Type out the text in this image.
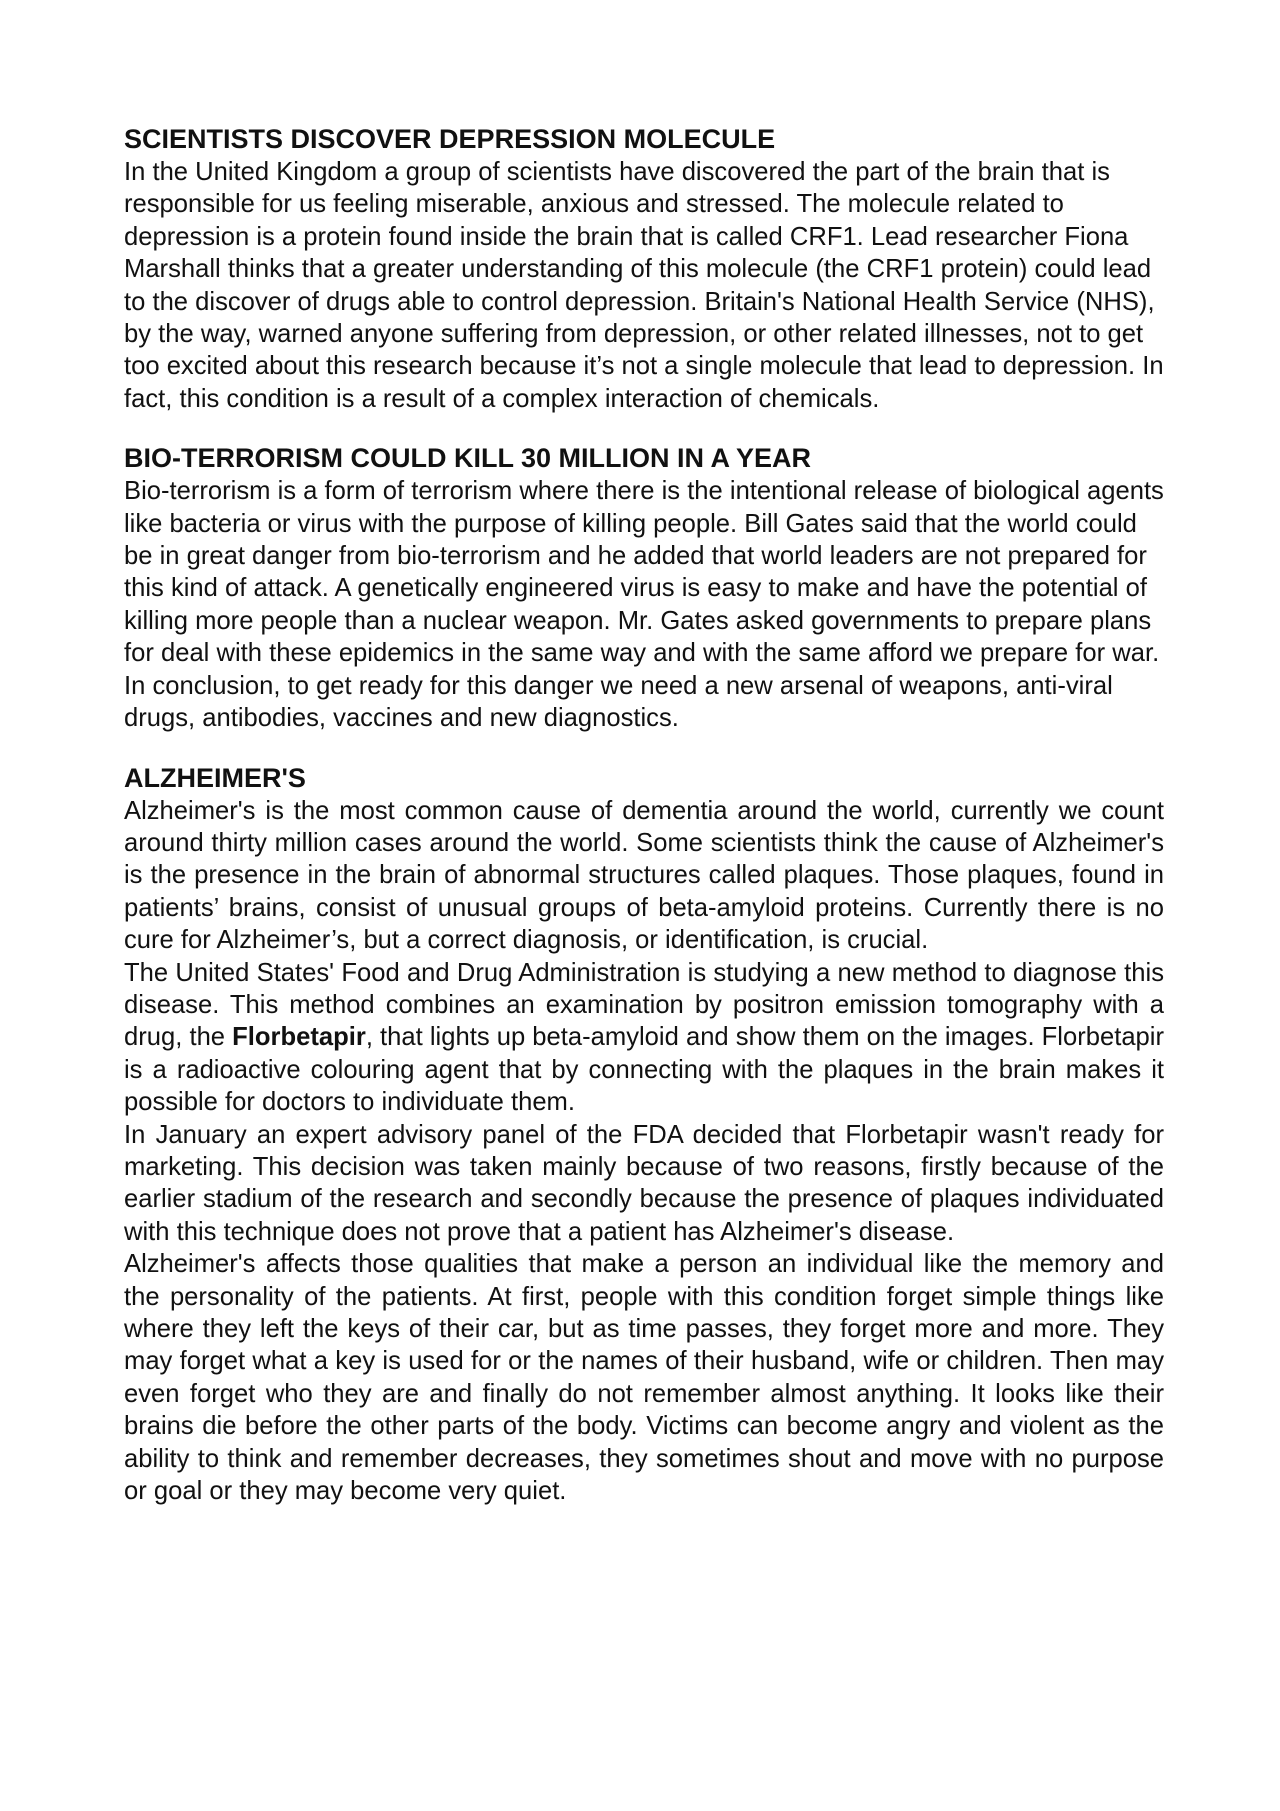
SCIENTISTS DISCOVER DEPRESSION MOLECULE

In the United Kingdom a group of scientists have discovered the part of the brain that is responsible for us feeling miserable, anxious and stressed. The molecule related to depression is a protein found inside the brain that is called CRF1. Lead researcher Fiona Marshall thinks that a greater understanding of this molecule (the CRF1 protein) could lead to the discover of drugs able to control depression. Britain's National Health Service (NHS), by the way, warned anyone suffering from depression, or other related illnesses, not to get too excited about this research because it’s not a single molecule that lead to depression. In fact, this condition is a result of a complex interaction of chemicals.

BIO-TERRORISM COULD KILL 30 MILLION IN A YEAR

Bio-terrorism is a form of terrorism where there is the intentional release of biological agents like bacteria or virus with the purpose of killing people. Bill Gates said that the world could be in great danger from bio-terrorism and he added that world leaders are not prepared for this kind of attack. A genetically engineered virus is easy to make and have the potential of killing more people than a nuclear weapon. Mr. Gates asked governments to prepare plans for deal with these epidemics in the same way and with the same afford we prepare for war. In conclusion, to get ready for this danger we need a new arsenal of weapons, anti-viral drugs, antibodies, vaccines and new diagnostics.

ALZHEIMER'S

Alzheimer's is the most common cause of dementia around the world, currently we count around thirty million cases around the world. Some scientists think the cause of Alzheimer's is the presence in the brain of abnormal structures called plaques. Those plaques, found in patients’ brains, consist of unusual groups of beta-amyloid proteins. Currently there is no cure for Alzheimer’s, but a correct diagnosis, or identification, is crucial.

The United States' Food and Drug Administration is studying a new method to diagnose this disease. This method combines an examination by positron emission tomography with a drug, the Florbetapir, that lights up beta-amyloid and show them on the images. Florbetapir is a radioactive colouring agent that by connecting with the plaques in the brain makes it possible for doctors to individuate them.

In January an expert advisory panel of the FDA decided that Florbetapir wasn't ready for marketing. This decision was taken mainly because of two reasons, firstly because of the earlier stadium of the research and secondly because the presence of plaques individuated with this technique does not prove that a patient has Alzheimer's disease.

Alzheimer's affects those qualities that make a person an individual like the memory and the personality of the patients. At first, people with this condition forget simple things like where they left the keys of their car, but as time passes, they forget more and more. They may forget what a key is used for or the names of their husband, wife or children. Then may even forget who they are and finally do not remember almost anything. It looks like their brains die before the other parts of the body. Victims can become angry and violent as the ability to think and remember decreases, they sometimes shout and move with no purpose or goal or they may become very quiet.
